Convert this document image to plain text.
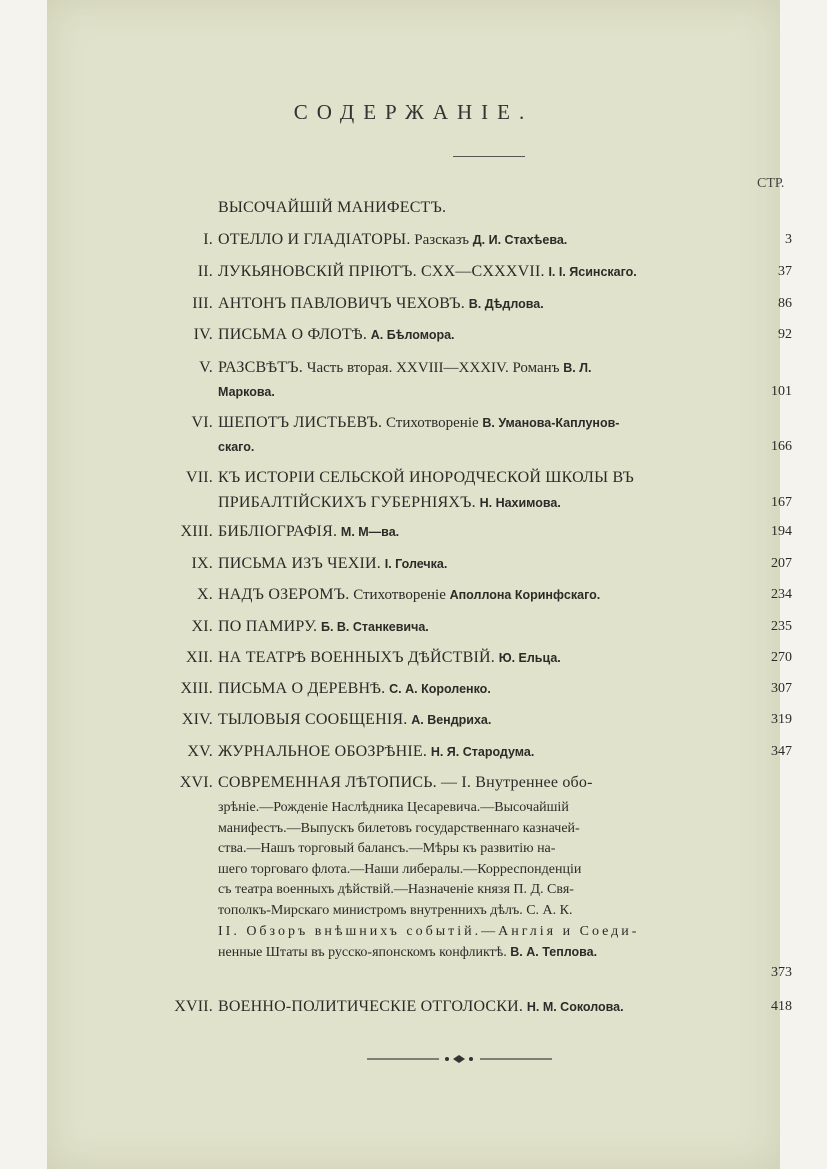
СОДЕРЖАНІЕ.
СТР.
ВЫСОЧАЙШІЙ МАНИФЕСТЪ.
I. ОТЕЛЛО И ГЛАДІАТОРЫ. Разсказъ Д. И. Стахѣева.	3
II. ЛУКЬЯНОВСКІЙ ПРІЮТЪ. CXX—CXXXVII. І. І. Ясинскаго.	37
III. АНТОНЪ ПАВЛОВИЧЪ ЧЕХОВЪ. В. Дѣдлова.	86
IV. ПИСЬМА О ФЛОТѢ. А. Бѣломора.	92
V. РАЗСВѢТЪ. Часть вторая. XXVIII—XXXIV. Романъ В. Л.
Маркова.	101
VI. ШЕПОТЪ ЛИСТЬЕВЪ. Стихотвореніе В. Уманова-Каплунов-
скаго.	166
VII. КЪ ИСТОРІИ СЕЛЬСКОЙ ИНОРОДЧЕСКОЙ ШКОЛЫ ВЪ
ПРИБАЛТІЙСКИХЪ ГУБЕРНІЯХЪ. Н. Нахимова.	167
XIII. БИБЛІОГРАФІЯ. М. М—ва.	194
IX. ПИСЬМА ИЗЪ ЧЕХІИ. І. Голечка.	207
X. НАДЪ ОЗЕРОМЪ. Стихотвореніе Аполлона Коринфскаго.	234
XI. ПО ПАМИРУ. Б. В. Станкевича.	235
XII. НА ТЕАТРѢ ВОЕННЫХЪ ДѢЙСТВІЙ. Ю. Ельца.	270
XIII. ПИСЬМА О ДЕРЕВНѢ. С. А. Короленко.	307
XIV. ТЫЛОВЫЯ СООБЩЕНІЯ. А. Вендриха.	319
XV. ЖУРНАЛЬНОЕ ОБОЗРѢНІЕ. Н. Я. Стародума.	347
XVI. СОВРЕМЕННАЯ ЛѢТОПИСЬ. — I. Внутреннее обо-
зрѣніе.—Рожденіе Наслѣдника Цесаревича.—Высочайшій
манифестъ.—Выпускъ билетовъ государственнаго казначей-
ства.—Нашъ торговый балансъ.—Мѣры къ развитію на-
шего торговаго флота.—Наши либералы.—Корреспонденціи
съ театра военныхъ дѣйствій.—Назначеніе князя П. Д. Свя-
тополкъ-Мирскаго министромъ внутреннихъ дѣлъ. С. А. К.
II. Обзоръ внѣшнихъ событій.—Англія и Соеди-
ненные Штаты въ русско-японскомъ конфликтѣ. В. А. Теплова.
373
XVII. ВОЕННО-ПОЛИТИЧЕСКІЕ ОТГОЛОСКИ. Н. М. Соколова.	418
